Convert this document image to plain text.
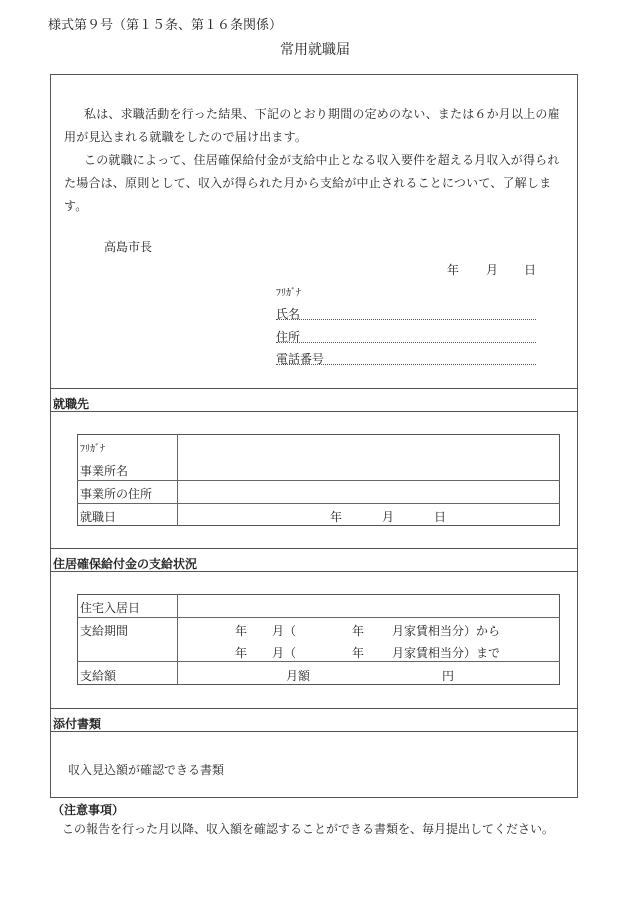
様式第９号（第１５条、第１６条関係）
常用就職届
私は、求職活動を行った結果、下記のとおり期間の定めのない、または６か月以上の雇用が見込まれる就職をしたので届け出ます。
この就職によって、住居確保給付金が支給中止となる収入要件を超える月収入が得られた場合は、原則として、収入が得られた月から支給が中止されることについて、了解します。
高島市長
年 月 日
ﾌﾘｶﾞﾅ
氏名
住所
電話番号
就職先
ﾌﾘｶﾞﾅ
事業所名
事業所の住所
就職日	年	月	日
住居確保給付金の支給状況
住宅入居日
支給期間	年 月（	年 月家賃相当分）から
年 月（	年 月家賃相当分）まで
支給額	月額	円
添付書類
収入見込額が確認できる書類
（注意事項）
この報告を行った月以降、収入額を確認することができる書類を、毎月提出してください。
